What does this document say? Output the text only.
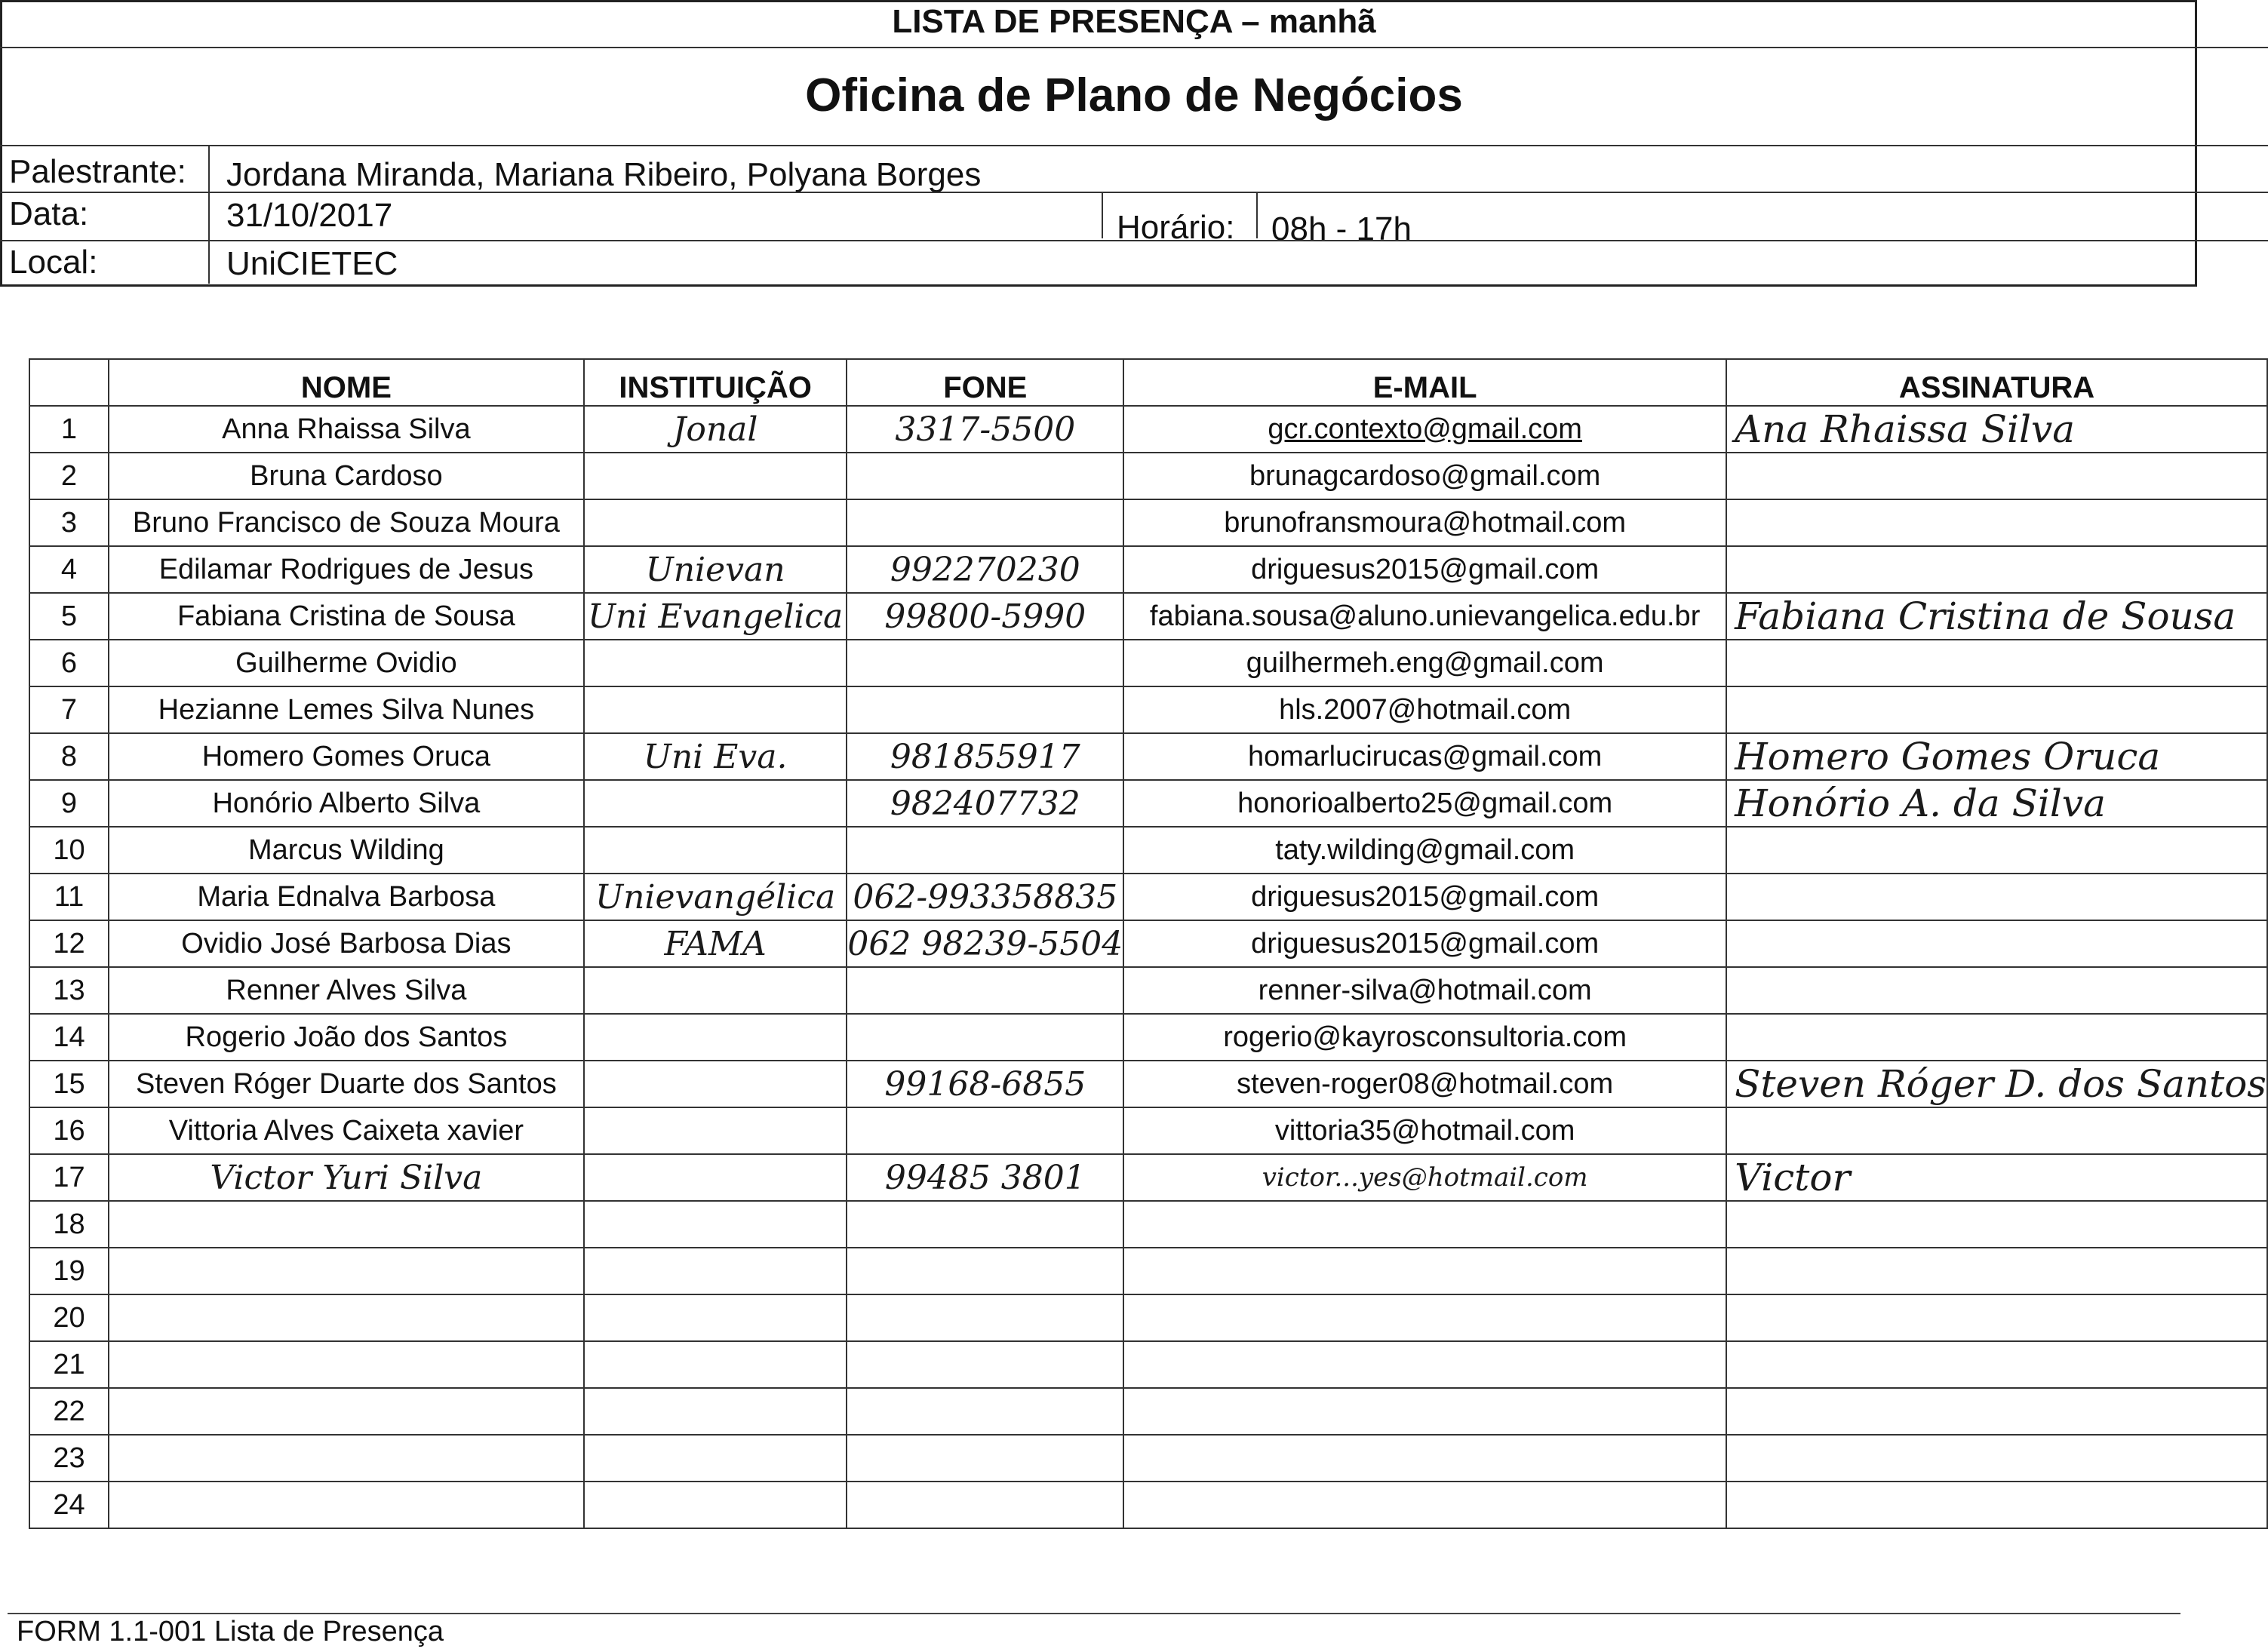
LISTA DE PRESENÇA – manhã
Oficina de Plano de Negócios
Palestrante: Jordana Miranda, Mariana Ribeiro, Polyana Borges
Data:	31/10/2017	Horário: 08h - 17h
Local:	UniCIETEC
	NOME	INSTITUIÇÃO	FONE	E-MAIL	ASSINATURA
1	Anna Rhaissa Silva	Jonal	3317-5500	gcr.contexto@gmail.com	Ana Rhaissa Silva
2	Bruna Cardoso			brunagcardoso@gmail.com	
3	Bruno Francisco de Souza Moura			brunofransmoura@hotmail.com	
4	Edilamar Rodrigues de Jesus	Unievan	992270230	driguesus2015@gmail.com	
5	Fabiana Cristina de Sousa	Uni Evangelica	99800-5990	fabiana.sousa@aluno.unievangelica.edu.br	Fabiana Cristina de Sousa
6	Guilherme Ovidio			guilhermeh.eng@gmail.com	
7	Hezianne Lemes Silva Nunes			hls.2007@hotmail.com	
8	Homero Gomes Oruca	Uni Eva.	981855917	homarlucirucas@gmail.com	Homero Gomes Oruca
9	Honório Alberto Silva		982407732	honorioalberto25@gmail.com	Honório A. da Silva
10	Marcus Wilding			taty.wilding@gmail.com	
11	Maria Ednalva Barbosa	Unievangélica	062-993358835	driguesus2015@gmail.com	
12	Ovidio José Barbosa Dias	FAMA	062 98239-5504	driguesus2015@gmail.com	
13	Renner Alves Silva			renner-silva@hotmail.com	
14	Rogerio João dos Santos			rogerio@kayrosconsultoria.com	
15	Steven Róger Duarte dos Santos		99168-6855	steven-roger08@hotmail.com	Steven Róger D. dos Santos
16	Vittoria Alves Caixeta xavier			vittoria35@hotmail.com	
17	Victor Yuri Silva		99485 3801	victor...yes@hotmail.com	Victor
18					
19					
20					
21					
22					
23					
24					
FORM 1.1-001 Lista de Presença
